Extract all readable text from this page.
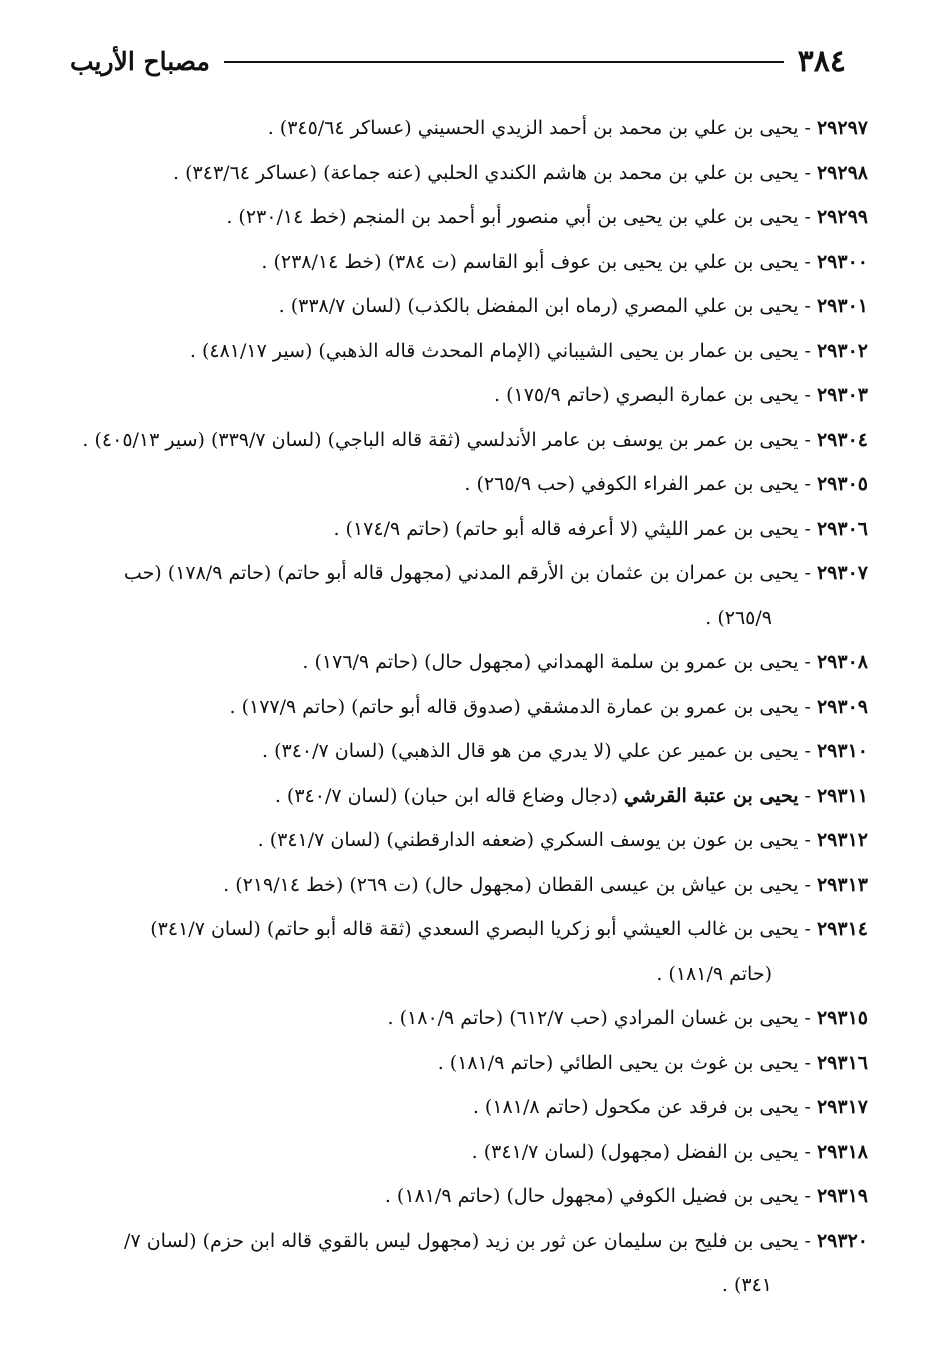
٣٨٤
مصباح الأريب
٢٩٢٩٧-يحيى بن علي بن محمد بن أحمد الزيدي الحسيني (عساكر ٣٤٥/٦٤) .
٢٩٢٩٨-يحيى بن علي بن محمد بن هاشم الكندي الحلبي (عنه جماعة) (عساكر ٣٤٣/٦٤) .
٢٩٢٩٩-يحيى بن علي بن يحيى بن أبي منصور أبو أحمد بن المنجم (خط ٢٣٠/١٤) .
٢٩٣٠٠-يحيى بن علي بن يحيى بن عوف أبو القاسم (ت ٣٨٤) (خط ٢٣٨/١٤) .
٢٩٣٠١-يحيى بن علي المصري (رماه ابن المفضل بالكذب) (لسان ٣٣٨/٧) .
٢٩٣٠٢-يحيى بن عمار بن يحيى الشيباني (الإمام المحدث قاله الذهبي) (سير ٤٨١/١٧) .
٢٩٣٠٣-يحيى بن عمارة البصري (حاتم ١٧٥/٩) .
٢٩٣٠٤-يحيى بن عمر بن يوسف بن عامر الأندلسي (ثقة قاله الباجي) (لسان ٣٣٩/٧) (سير ٤٠٥/١٣) .
٢٩٣٠٥-يحيى بن عمر الفراء الكوفي (حب ٢٦٥/٩) .
٢٩٣٠٦-يحيى بن عمر الليثي (لا أعرفه قاله أبو حاتم) (حاتم ١٧٤/٩) .
٢٩٣٠٧-يحيى بن عمران بن عثمان بن الأرقم المدني (مجهول قاله أبو حاتم) (حاتم ١٧٨/٩) (حب
٢٦٥/٩) .
٢٩٣٠٨-يحيى بن عمرو بن سلمة الهمداني (مجهول حال) (حاتم ١٧٦/٩) .
٢٩٣٠٩-يحيى بن عمرو بن عمارة الدمشقي (صدوق قاله أبو حاتم) (حاتم ١٧٧/٩) .
٢٩٣١٠-يحيى بن عمير عن علي (لا يدري من هو قال الذهبي) (لسان ٣٤٠/٧) .
٢٩٣١١-يحيى بن عتبة القرشي (دجال وضاع قاله ابن حبان) (لسان ٣٤٠/٧) .
٢٩٣١٢-يحيى بن عون بن يوسف السكري (ضعفه الدارقطني) (لسان ٣٤١/٧) .
٢٩٣١٣-يحيى بن عياش بن عيسى القطان (مجهول حال) (ت ٢٦٩) (خط ٢١٩/١٤) .
٢٩٣١٤-يحيى بن غالب العيشي أبو زكريا البصري السعدي (ثقة قاله أبو حاتم) (لسان ٣٤١/٧)
(حاتم ١٨١/٩) .
٢٩٣١٥-يحيى بن غسان المرادي (حب ٦١٢/٧) (حاتم ١٨٠/٩) .
٢٩٣١٦-يحيى بن غوث بن يحيى الطائي (حاتم ١٨١/٩) .
٢٩٣١٧-يحيى بن فرقد عن مكحول (حاتم ١٨١/٨) .
٢٩٣١٨-يحيى بن الفضل (مجهول) (لسان ٣٤١/٧) .
٢٩٣١٩-يحيى بن فضيل الكوفي (مجهول حال) (حاتم ١٨١/٩) .
٢٩٣٢٠-يحيى بن فليح بن سليمان عن ثور بن زيد (مجهول ليس بالقوي قاله ابن حزم) (لسان ٧/
٣٤١) .
